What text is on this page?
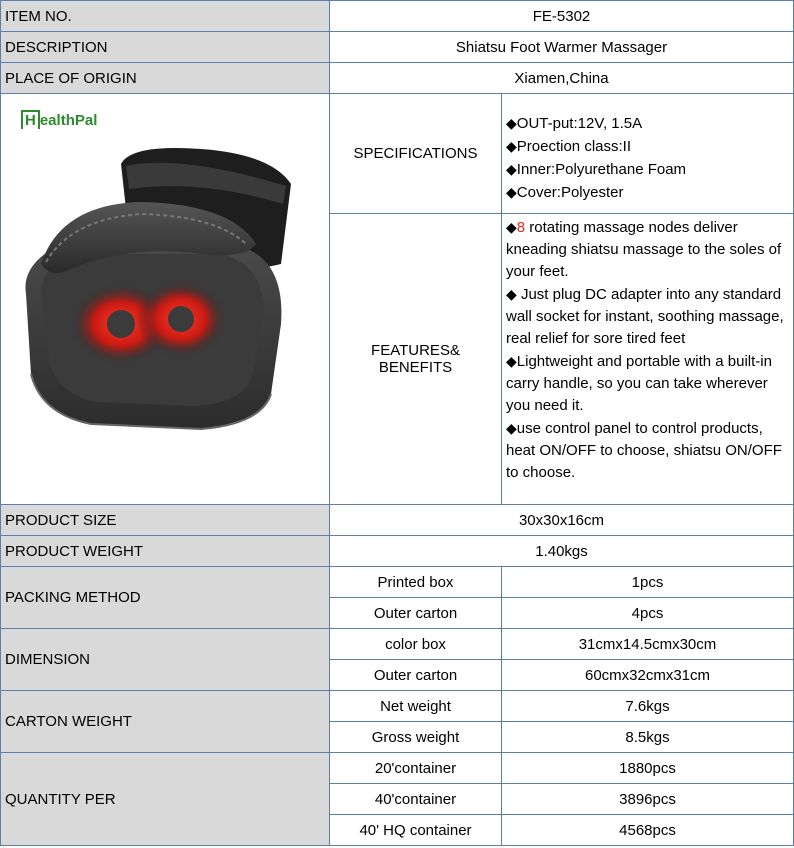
ITEM NO.	FE-5302	
DESCRIPTION	Shiatsu Foot Warmer Massager	
PLACE OF ORIGIN	Xiamen,China	

H ealthPal	SPECIFICATIONS	◆OUT-put:12V, 1.5A
◆Proection class:II
◆Inner:Polyurethane Foam
◆Cover:Polyester

	FEATURES& BENEFITS	◆8 rotating massage nodes deliver kneading shiatsu massage to the soles of your feet.
◆ Just plug DC adapter into any standard wall socket for instant, soothing massage, real relief for sore tired feet
◆Lightweight and portable with a built-in carry handle, so you can take wherever you need it.
◆use control panel to control products, heat ON/OFF to choose, shiatsu ON/OFF to choose.

PRODUCT SIZE	30x30x16cm	
PRODUCT WEIGHT	1.40kgs	
PACKING METHOD	Printed box	1pcs
	Outer carton	4pcs
DIMENSION	color box	31cmx14.5cmx30cm
	Outer carton	60cmx32cmx31cm
CARTON WEIGHT	Net weight	7.6kgs
	Gross weight	8.5kgs
QUANTITY PER	20'container	1880pcs
	40'container	3896pcs
	40' HQ container	4568pcs
